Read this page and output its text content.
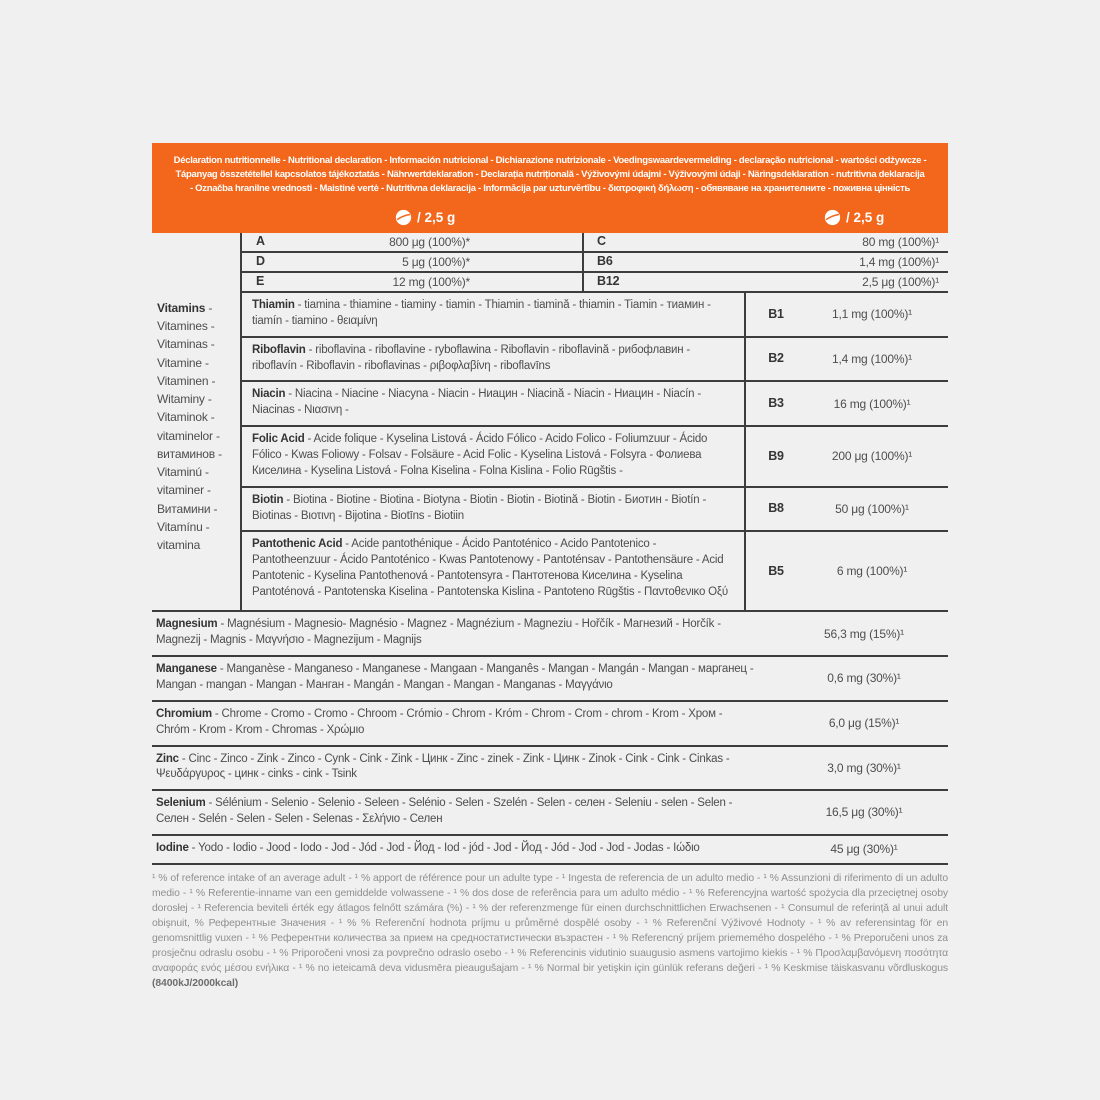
Déclaration nutritionnelle - Nutritional declaration - Información nutricional - Dichiarazione nutrizionale - Voedingswaardevermelding - declaração nutricional - wartości odżywcze -
Tápanyag összetétellel kapcsolatos tájékoztatás - Nährwertdeklaration - Declarația nutrițională - Výživovými údajmi - Výživovými údaji - Näringsdeklaration - nutritivna deklaracija
- Označba hranilne vrednosti - Maistinė vertė - Nutritivna deklaracija - Informācija par uzturvērtību - διατροφική δήλωση - обявяване на хранителните - поживна цінність
/ 2,5 g	/ 2,5 g
Vitamins - Vitamines - Vitaminas - Vitamine - Vitaminen - Witaminy - Vitaminok - vitaminelor - витаминов - Vitaminú - vitaminer - Витамини - Vitamínu - vitamina
A	800 μg (100%)*	C	80 mg (100%)¹
D	5 μg (100%)*	B6	1,4 mg (100%)¹
E	12 mg (100%)*	B12	2,5 μg (100%)¹
Thiamin - tiamina - thiamine - tiaminy - tiamin - Thiamin - tiamină - thiamin - Tiamin - тиамин - tiamín - tiamino - θειαμίνη
B1	1,1 mg (100%)¹
Riboflavin - riboflavina - riboflavine - ryboflawina - Riboflavin - riboflavină - рибофлавин - riboflavín - Riboflavin - riboflavinas - ριβοφλαβίνη - riboflavīns
B2	1,4 mg (100%)¹
Niacin - Niacina - Niacine - Niacyna - Niacin - Ниацин - Niacină - Niacin - Ниацин - Niacín - Niacinas - Νιασινη -
B3	16 mg (100%)¹
Folic Acid - Acide folique - Kyselina Listová - Ácido Fólico - Acido Folico - Foliumzuur - Ácido Fólico - Kwas Foliowy - Folsav - Folsäure - Acid Folic - Kyselina Listová - Folsyra - Фолиева Киселина - Kyselina Listová - Folna Kiselina - Folna Kislina - Folio Rūgštis -
B9	200 μg (100%)¹
Biotin - Biotina - Biotine - Biotina - Biotyna - Biotin - Biotin - Biotină - Biotin - Биотин - Biotín - Biotinas - Βιοτινη - Bijotina - Biotīns - Biotiin
B8	50 μg (100%)¹
Pantothenic Acid - Acide pantothénique - Ácido Pantoténico - Acido Pantotenico - Pantotheenzuur - Ácido Pantoténico - Kwas Pantotenowy - Pantoténsav - Pantothensäure - Acid Pantotenic - Kyselina Pantothenová - Pantotensyra - Пантотенова Киселина - Kyselina Pantoténová - Pantotenska Kiselina - Pantotenska Kislina - Pantoteno Rūgštis - Παντοθενικο Οξύ
B5	6 mg (100%)¹
Magnesium - Magnésium - Magnesio- Magnésio - Magnez - Magnézium - Magneziu - Hořčík - Магнезий - Horčík - Magnezij - Magnis - Μαγνήσιο - Magnezijum - Magnijs	56,3 mg (15%)¹
Manganese - Manganèse - Manganeso - Manganese - Mangaan - Manganês - Mangan - Mangán - Mangan - марганец - Mangan - mangan - Mangan - Манган - Mangán - Mangan - Mangan - Manganas - Μαγγάνιο	0,6 mg (30%)¹
Chromium - Chrome - Cromo - Cromo - Chroom - Crómio - Chrom - Króm - Chrom - Crom - chrom - Krom - Хром - Chróm - Krom - Krom - Chromas - Χρώμιο	6,0 μg (15%)¹
Zinc - Cinc - Zinco - Zink - Zinco - Cynk - Cink - Zink - Цинк - Zinc - zinek - Zink - Цинк - Zinok - Cink - Cink - Cinkas - Ψευδάργυρος - цинк - cinks - cink - Tsink	3,0 mg (30%)¹
Selenium - Sélénium - Selenio - Selenio - Seleen - Selénio - Selen - Szelén - Selen - селен - Seleniu - selen - Selen - Селен - Selén - Selen - Selen - Selenas - Σελήνιο - Селен	16,5 μg (30%)¹
Iodine - Yodo - Iodio - Jood - Iodo - Jod - Jód - Jod - Йод - Iod - jód - Jod - Йод - Jód - Jod - Jod - Jodas - Ιώδιο	45 μg (30%)¹
¹ % of reference intake of an average adult - ¹ % apport de référence pour un adulte type - ¹ Ingesta de referencia de un adulto medio - ¹ % Assunzioni di riferimento di un adulto medio - ¹ % Referentie-inname van een gemiddelde volwassene - ¹ % dos dose de referência para um adulto médio - ¹ % Referencyjna wartość spożycia dla przeciętnej osoby dorosłej - ¹ Referencia beviteli érték egy átlagos felnőtt számára (%) - ¹ % der referenzmenge für einen durchschnittlichen Erwachsenen - ¹ Consumul de referință al unui adult obişnuit, % Референтньıе Значения - ¹ % % Referenční hodnota príjmu u průměrné dospělé osoby - ¹ % Referenční Výživové Hodnoty - ¹ % av referensintag för en genomsnittlig vuxen - ¹ % Референтни количества за прием на средностатистически възрастен - ¹ % Referencný príjem priememého dospelého - ¹ % Preporučeni unos za prosječnu odraslu osobu - ¹ % Priporočeni vnosi za povprečno odraslo osebo - ¹ % Referencinis vidutinio suaugusio asmens vartojimo kiekis - ¹ % Προσλαμβανόμενη ποσότητα αναφοράς ενός μέσου ενήλικα - ¹ % no ieteicamā deva vidusmēra pieaugušajam - ¹ % Normal bir yetişkin için günlük referans değeri - ¹ % Keskmise täiskasvanu võrdluskogus (8400kJ/2000kcal)
